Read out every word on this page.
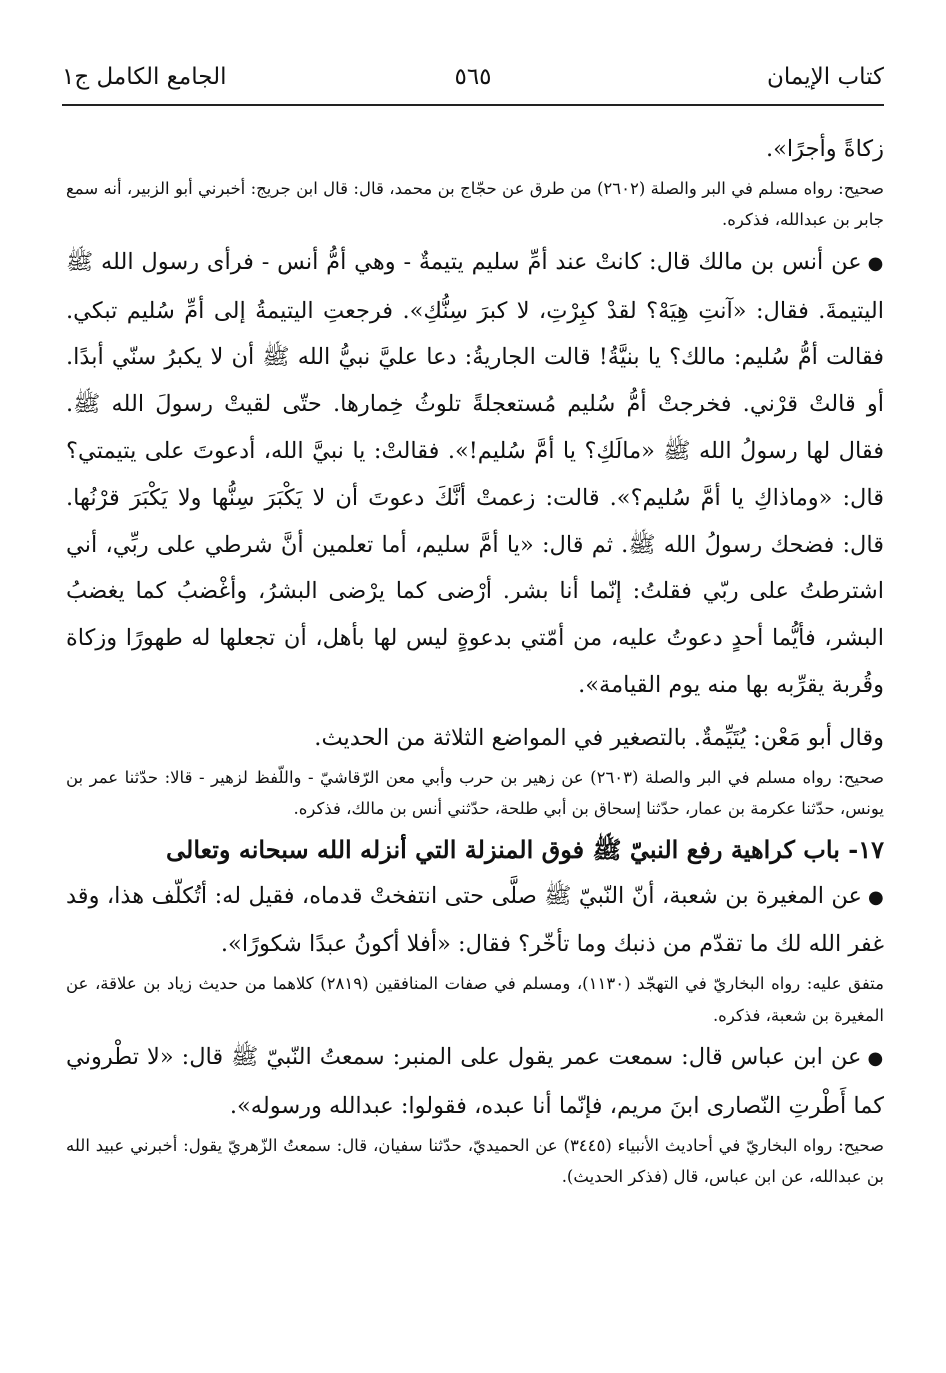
كتاب الإيمان
٥٦٥
الجامع الكامل ج١

زكاةً وأجرًا».

صحيح: رواه مسلم في البر والصلة (٢٦٠٢) من طرق عن حجّاج بن محمد، قال: قال ابن جريج: أخبرني أبو الزبير، أنه سمع جابر بن عبدالله، فذكره.

●عن أنس بن مالك قال: كانتْ عند أمِّ سليم يتيمةٌ - وهي أمُّ أنس - فرأى رسول الله ﷺ اليتيمةَ. فقال: «آنتِ هِيَهْ؟ لقدْ كبِرْتِ، لا كبرَ سِنُّكِ». فرجعتِ اليتيمةُ إلى أمِّ سُليم تبكي. فقالت أمُّ سُليم: مالك؟ يا بنيَّةُ! قالت الجاريةُ: دعا عليَّ نبيُّ الله ﷺ أن لا يكبرُ سنّي أبدًا. أو قالتْ قرْني. فخرجتْ أمُّ سُليم مُستعجلةً تلوثُ خِمارها. حتّى لقيتْ رسولَ الله ﷺ. فقال لها رسولُ الله ﷺ «مالَكِ؟ يا أمَّ سُليم!». فقالتْ: يا نبيَّ الله، أدعوتَ على يتيمتي؟ قال: «وماذاكِ يا أمَّ سُليم؟». قالت: زعمتْ أنَّكَ دعوتَ أن لا يَكْبَرَ سِنُّها ولا يَكْبَرَ قرْنُها. قال: فضحك رسولُ الله ﷺ. ثم قال: «يا أمَّ سليم، أما تعلمين أنَّ شرطي على ربِّي، أني اشترطتُ على ربّي فقلتُ: إنّما أنا بشر. أرْضى كما يرْضى البشرُ، وأغْضبُ كما يغضبُ البشر، فأيُّما أحدٍ دعوتُ عليه، من أمّتي بدعوةٍ ليس لها بأهل، أن تجعلها له طهورًا وزكاة وقُربة يقرِّبه بها منه يوم القيامة».

وقال أبو مَعْن: يُتَيِّمةٌ. بالتصغير في المواضع الثلاثة من الحديث.

صحيح: رواه مسلم في البر والصلة (٢٦٠٣) عن زهير بن حرب وأبي معن الرّقاشيّ - واللّفظ لزهير - قالا: حدّثنا عمر بن يونس، حدّثنا عكرمة بن عمار، حدّثنا إسحاق بن أبي طلحة، حدّثني أنس بن مالك، فذكره.

١٧- باب كراهية رفع النبيّ ﷺ فوق المنزلة التي أنزله الله سبحانه وتعالى

●عن المغيرة بن شعبة، أنّ النّبيّ ﷺ صلَّى حتى انتفختْ قدماه، فقيل له: أتُكلّف هذا، وقد غفر الله لك ما تقدّم من ذنبك وما تأخّر؟ فقال: «أفلا أكونُ عبدًا شكورًا».

متفق عليه: رواه البخاريّ في التهجّد (١١٣٠)، ومسلم في صفات المنافقين (٢٨١٩) كلاهما من حديث زياد بن علاقة، عن المغيرة بن شعبة، فذكره.

●عن ابن عباس قال: سمعت عمر يقول على المنبر: سمعتُ النّبيّ ﷺ قال: «لا تطْروني كما أَطْرتِ النّصارى ابنَ مريم، فإنّما أنا عبده، فقولوا: عبدالله ورسوله».

صحيح: رواه البخاريّ في أحاديث الأنبياء (٣٤٤٥) عن الحميديّ، حدّثنا سفيان، قال: سمعتُ الزّهريّ يقول: أخبرني عبيد الله بن عبدالله، عن ابن عباس، قال (فذكر الحديث).
